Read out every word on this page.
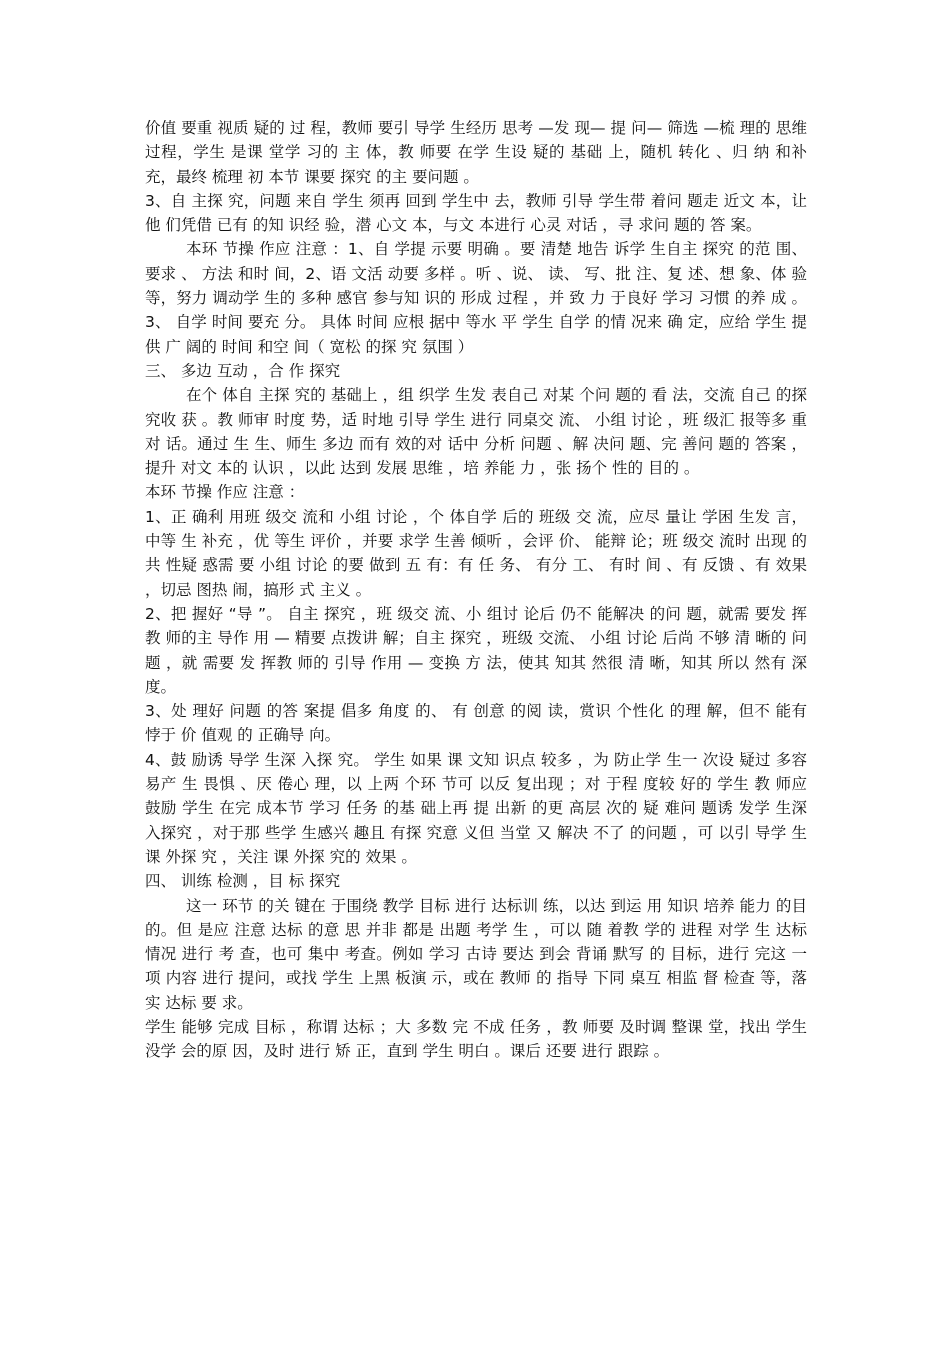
价值 要重 视质 疑的 过 程，教师 要引 导学 生经历 思考 —发 现— 提 问— 筛选 —梳 理的 思维 过程，学生 是课 堂学 习的 主 体，教 师要 在学 生设 疑的 基础 上，随机 转化 、归 纳 和补 充，最终 梳理 初 本节 课要 探究 的主 要问题 。

3、自 主探 究，问题 来自 学生 须再 回到 学生中 去，教师 引导 学生带 着问 题走 近文 本，让他 们凭借 已有 的知 识经 验，潜 心文 本，与文 本进行 心灵 对话 ，寻 求问 题的 答 案。

本环 节操 作应 注意 ：1、自 学提 示要 明确 。要 清楚 地告 诉学 生自主 探究 的范 围、 要求 、 方法 和时 间，2、语 文活 动要 多样 。听 、说、 读、 写、批 注、复 述、想 象、体 验等，努力 调动学 生的 多种 感官 参与知 识的 形成 过程 ，并 致 力 于良好 学习 习惯 的养 成 。3、 自学 时间 要充 分。 具体 时间 应根 据中 等水 平 学生 自学 的情 况来 确 定，应给 学生 提供 广 阔的 时间 和空 间（ 宽松 的探 究 氛围 ）

三、 多边 互动 ，合 作 探究

在个 体自 主探 究的 基础上 ，组 织学 生发 表自己 对某 个问 题的 看 法，交流 自己 的探 究收 获 。教 师审 时度 势，适 时地 引导 学生 进行 同桌交 流、 小组 讨论 ，班 级汇 报等多 重对 话。通过 生 生、师生 多边 而有 效的对 话中 分析 问题 、解 决问 题、完 善问 题的 答案 ，提升 对文 本的 认识 ，以此 达到 发展 思维 ，培 养能 力 ，张 扬个 性的 目的 。

本环 节操 作应 注意 ：

1、正 确利 用班 级交 流和 小组 讨论 ，个 体自学 后的 班级 交 流，应尽 量让 学困 生发 言，中等 生 补充 ，优 等生 评价 ，并要 求学 生善 倾听 ，会评 价、 能辩 论；班 级交 流时 出现 的共 性疑 惑需 要 小组 讨论 的要 做到 五 有：有 任 务、 有分 工、 有时 间 、有 反馈 、有 效果 ，切忌 图热 闹，搞形 式 主义 。

2、把 握好 “导 ”。 自主 探究 ，班 级交 流、小 组讨 论后 仍不 能解决 的问 题，就需 要发 挥教 师的主 导作 用 — 精要 点拨讲 解；自主 探究 ，班级 交流、 小组 讨论 后尚 不够 清 晰的 问题 ，就 需要 发 挥教 师的 引导 作用 — 变换 方 法，使其 知其 然很 清 晰，知其 所以 然有 深 度。

3、处 理好 问题 的答 案提 倡多 角度 的、 有 创意 的阅 读，赏识 个性化 的理 解，但不 能有 悖于 价 值观 的 正确导 向。

4、鼓 励诱 导学 生深 入探 究。 学生 如果 课 文知 识点 较多 ，为 防止学 生一 次设 疑过 多容 易产 生 畏惧 、厌 倦心 理，以 上两 个环 节可 以反 复出现 ；对 于程 度较 好的 学生 教 师应 鼓励 学生 在完 成本节 学习 任务 的基 础上再 提 出新 的更 高层 次的 疑 难问 题诱 发学 生深 入探究 ，对于那 些学 生感兴 趣且 有探 究意 义但 当堂 又 解决 不了 的问题 ，可 以引 导学 生课 外探 究 ，关注 课 外探 究的 效果 。

四、 训练 检测 ，目 标 探究

这一 环节 的关 键在 于围绕 教学 目标 进行 达标训 练，以达 到运 用 知识 培养 能力 的目 的。但 是应 注意 达标 的意 思 并非 都是 出题 考学 生 ，可以 随 着教 学的 进程 对学 生 达标 情况 进行 考 查，也可 集中 考查。例如 学习 古诗 要达 到会 背诵 默写 的 目标，进行 完这 一项 内容 进行 提问，或找 学生 上黑 板演 示，或在 教师 的 指导 下同 桌互 相监 督 检查 等，落实 达标 要 求。

学生 能够 完成 目标 ，称谓 达标 ；大 多数 完 不成 任务 ，教 师要 及时调 整课 堂，找出 学生 没学 会的原 因，及时 进行 矫 正，直到 学生 明白 。课后 还要 进行 跟踪 。
